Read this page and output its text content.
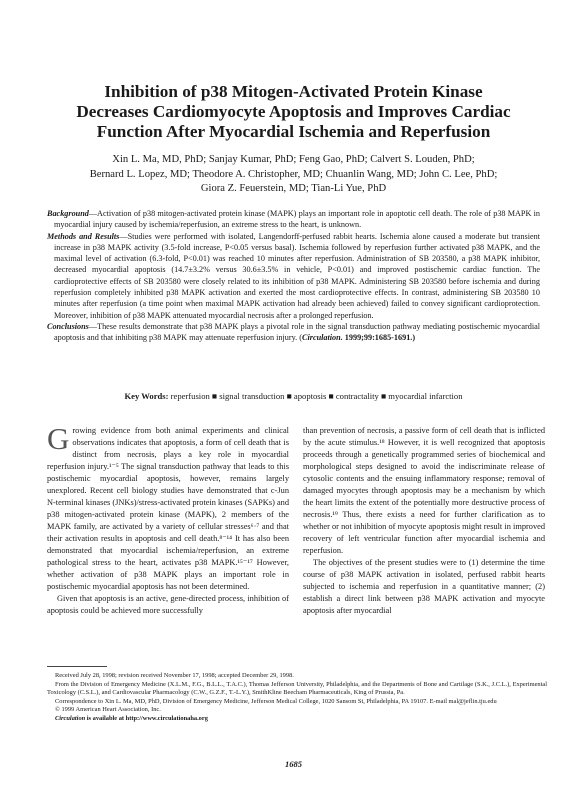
Inhibition of p38 Mitogen-Activated Protein Kinase
Decreases Cardiomyocyte Apoptosis and Improves Cardiac
Function After Myocardial Ischemia and Reperfusion
Xin L. Ma, MD, PhD; Sanjay Kumar, PhD; Feng Gao, PhD; Calvert S. Louden, PhD;
Bernard L. Lopez, MD; Theodore A. Christopher, MD; Chuanlin Wang, MD; John C. Lee, PhD;
Giora Z. Feuerstein, MD; Tian-Li Yue, PhD

Background—Activation of p38 mitogen-activated protein kinase (MAPK) plays an important role in apoptotic cell death. The role of p38 MAPK in myocardial injury caused by ischemia/reperfusion, an extreme stress to the heart, is unknown.

Methods and Results—Studies were performed with isolated, Langendorff-perfused rabbit hearts. Ischemia alone caused a moderate but transient increase in p38 MAPK activity (3.5-fold increase, P<0.05 versus basal). Ischemia followed by reperfusion further activated p38 MAPK, and the maximal level of activation (6.3-fold, P<0.01) was reached 10 minutes after reperfusion. Administration of SB 203580, a p38 MAPK inhibitor, decreased myocardial apoptosis (14.7±3.2% versus 30.6±3.5% in vehicle, P<0.01) and improved postischemic cardiac function. The cardioprotective effects of SB 203580 were closely related to its inhibition of p38 MAPK. Administering SB 203580 before ischemia and during reperfusion completely inhibited p38 MAPK activation and exerted the most cardioprotective effects. In contrast, administering SB 203580 10 minutes after reperfusion (a time point when maximal MAPK activation had already been achieved) failed to convey significant cardioprotection. Moreover, inhibition of p38 MAPK attenuated myocardial necrosis after a prolonged reperfusion.

Conclusions—These results demonstrate that p38 MAPK plays a pivotal role in the signal transduction pathway mediating postischemic myocardial apoptosis and that inhibiting p38 MAPK may attenuate reperfusion injury. (Circulation. 1999;99:1685-1691.)

Key Words: reperfusion ■ signal transduction ■ apoptosis ■ contractality ■ myocardial infarction

Growing evidence from both animal experiments and clinical observations indicates that apoptosis, a form of cell death that is distinct from necrosis, plays a key role in myocardial reperfusion injury.¹⁻⁵ The signal transduction pathway that leads to this postischemic myocardial apoptosis, however, remains largely unexplored. Recent cell biology studies have demonstrated that c-Jun N-terminal kinases (JNKs)/stress-activated protein kinases (SAPKs) and p38 mitogen-activated protein kinase (MAPK), 2 members of the MAPK family, are activated by a variety of cellular stresses⁶·⁷ and that their activation results in apoptosis and cell death.⁸⁻¹⁴ It has also been demonstrated that myocardial ischemia/reperfusion, an extreme pathological stress to the heart, activates p38 MAPK.¹⁵⁻¹⁷ However, whether activation of p38 MAPK plays an important role in postischemic myocardial apoptosis has not been determined.

Given that apoptosis is an active, gene-directed process, inhibition of apoptosis could be achieved more successfully

than prevention of necrosis, a passive form of cell death that is inflicted by the acute stimulus.¹⁸ However, it is well recognized that apoptosis proceeds through a genetically programmed series of biochemical and morphological steps designed to avoid the indiscriminate release of cytosolic contents and the ensuing inflammatory response; removal of damaged myocytes through apoptosis may be a mechanism by which the heart limits the extent of the potentially more destructive process of necrosis.¹⁹ Thus, there exists a need for further clarification as to whether or not inhibition of myocyte apoptosis might result in improved recovery of left ventricular function after myocardial ischemia and reperfusion.

The objectives of the present studies were to (1) determine the time course of p38 MAPK activation in isolated, perfused rabbit hearts subjected to ischemia and reperfusion in a quantitative manner; (2) establish a direct link between p38 MAPK activation and myocyte apoptosis after myocardial

Received July 28, 1998; revision received November 17, 1998; accepted December 29, 1998.

From the Division of Emergency Medicine (X.L.M., F.G., B.L.L., T.A.C.), Thomas Jefferson University, Philadelphia, and the Departments of Bone and Cartilage (S.K., J.C.L.), Experimental Toxicology (C.S.L.), and Cardiovascular Pharmacology (C.W., G.Z.F., T.-L.Y.), SmithKline Beecham Pharmaceuticals, King of Prussia, Pa.

Correspondence to Xin L. Ma, MD, PhD, Division of Emergency Medicine, Jefferson Medical College, 1020 Sansom St, Philadelphia, PA 19107. E-mail mal@jeflin.tju.edu

© 1999 American Heart Association, Inc.

Circulation is available at http://www.circulationaha.org

1685
